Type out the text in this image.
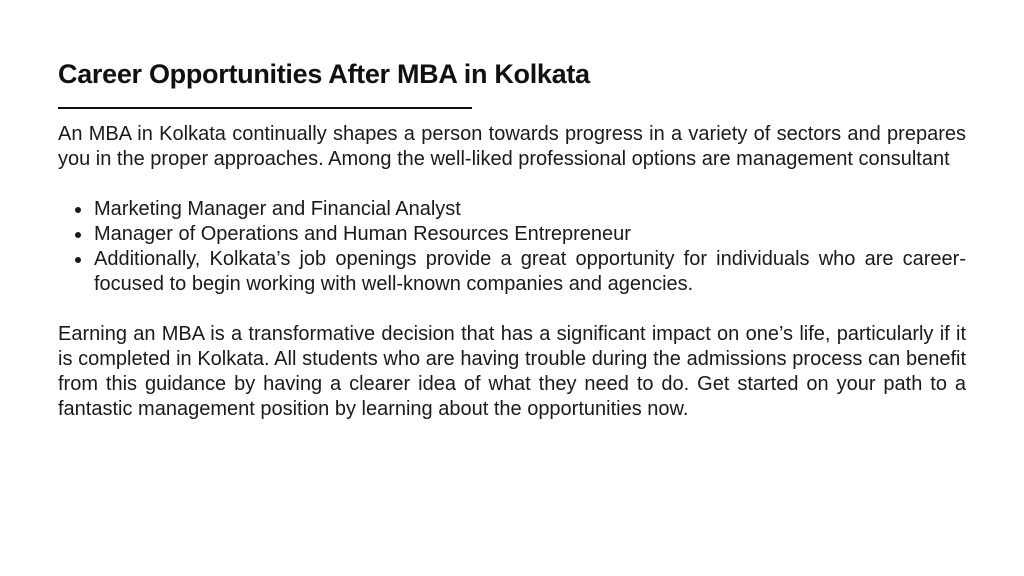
Career Opportunities After MBA in Kolkata

An MBA in Kolkata continually shapes a person towards progress in a variety of sectors and prepares you in the proper approaches. Among the well-liked professional options are management consultant

Marketing Manager and Financial Analyst
Manager of Operations and Human Resources Entrepreneur
Additionally, Kolkata’s job openings provide a great opportunity for individuals who are career-focused to begin working with well-known companies and agencies.

Earning an MBA is a transformative decision that has a significant impact on one’s life, particularly if it is completed in Kolkata. All students who are having trouble during the admissions process can benefit from this guidance by having a clearer idea of what they need to do. Get started on your path to a fantastic management position by learning about the opportunities now.
